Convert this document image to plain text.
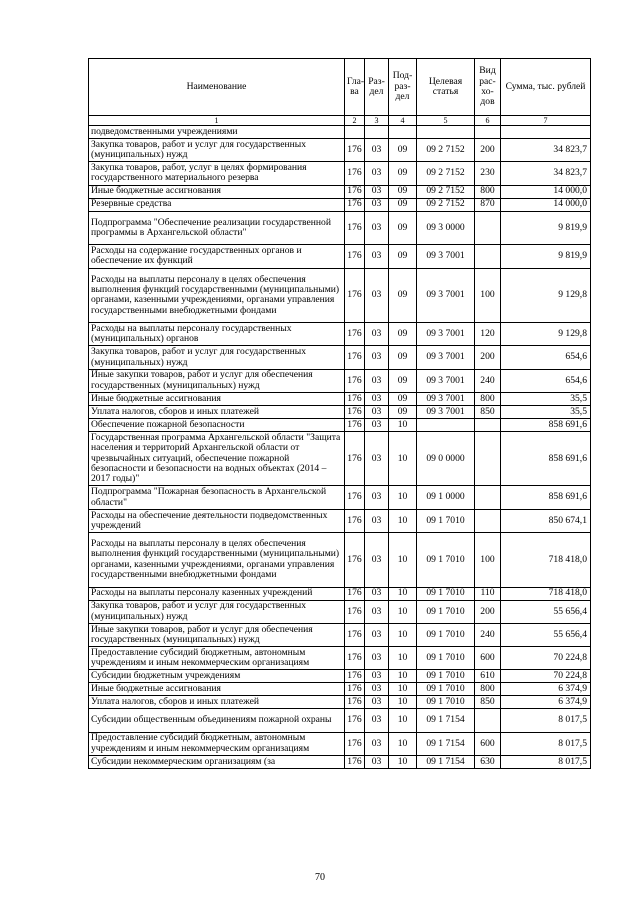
Наименование	Гла-ва	Раз-дел	Под-раз-дел	Целевая статья	Вид рас-хо-дов	Сумма, тыс. рублей
1	2	3	4	5	6	7
подведомственными учреждениями						
Закупка товаров, работ и услуг для государственных (муниципальных) нужд	176	03	09	09 2 7152	200	34 823,7
Закупка товаров, работ, услуг в целях формирования государственного материального резерва	176	03	09	09 2 7152	230	34 823,7
Иные бюджетные ассигнования	176	03	09	09 2 7152	800	14 000,0
Резервные средства	176	03	09	09 2 7152	870	14 000,0
Подпрограмма "Обеспечение реализации государственной программы в Архангельской области"	176	03	09	09 3 0000		9 819,9
Расходы на содержание государственных органов и обеспечение их функций	176	03	09	09 3 7001		9 819,9
Расходы на выплаты персоналу в целях обеспечения выполнения функций государственными (муниципальными) органами, казенными учреждениями, органами управления государственными внебюджетными фондами	176	03	09	09 3 7001	100	9 129,8
Расходы на выплаты персоналу государственных (муниципальных) органов	176	03	09	09 3 7001	120	9 129,8
Закупка товаров, работ и услуг для государственных (муниципальных) нужд	176	03	09	09 3 7001	200	654,6
Иные закупки товаров, работ и услуг для обеспечения государственных (муниципальных) нужд	176	03	09	09 3 7001	240	654,6
Иные бюджетные ассигнования	176	03	09	09 3 7001	800	35,5
Уплата налогов, сборов и иных платежей	176	03	09	09 3 7001	850	35,5
Обеспечение пожарной безопасности	176	03	10			858 691,6
Государственная программа Архангельской области "Защита населения и территорий Архангельской области от чрезвычайных ситуаций, обеспечение пожарной безопасности и безопасности на водных объектах (2014 – 2017 годы)"	176	03	10	09 0 0000		858 691,6
Подпрограмма "Пожарная безопасность в Архангельской области"	176	03	10	09 1 0000		858 691,6
Расходы на обеспечение деятельности подведомственных учреждений	176	03	10	09 1 7010		850 674,1
Расходы на выплаты персоналу в целях обеспечения выполнения функций государственными (муниципальными) органами, казенными учреждениями, органами управления государственными внебюджетными фондами	176	03	10	09 1 7010	100	718 418,0
Расходы на выплаты персоналу казенных учреждений	176	03	10	09 1 7010	110	718 418,0
Закупка товаров, работ и услуг для государственных (муниципальных) нужд	176	03	10	09 1 7010	200	55 656,4
Иные закупки товаров, работ и услуг для обеспечения государственных (муниципальных) нужд	176	03	10	09 1 7010	240	55 656,4
Предоставление субсидий бюджетным, автономным учреждениям и иным некоммерческим организациям	176	03	10	09 1 7010	600	70 224,8
Субсидии бюджетным учреждениям	176	03	10	09 1 7010	610	70 224,8
Иные бюджетные ассигнования	176	03	10	09 1 7010	800	6 374,9
Уплата налогов, сборов и иных платежей	176	03	10	09 1 7010	850	6 374,9
Субсидии общественным объединениям пожарной охраны	176	03	10	09 1 7154		8 017,5
Предоставление субсидий бюджетным, автономным учреждениям и иным некоммерческим организациям	176	03	10	09 1 7154	600	8 017,5
Субсидии некоммерческим организациям (за	176	03	10	09 1 7154	630	8 017,5
70
